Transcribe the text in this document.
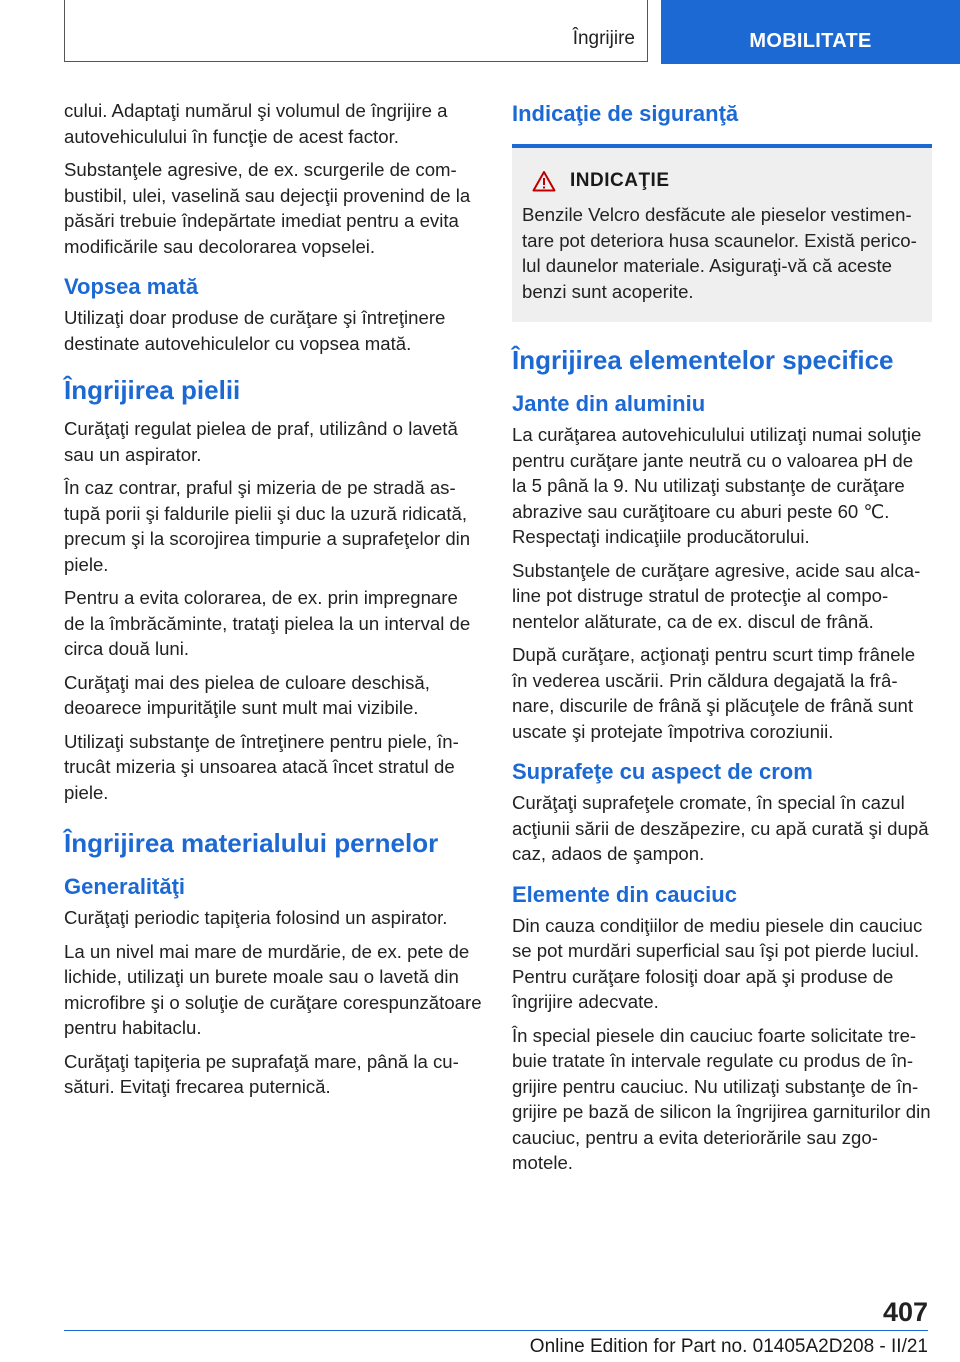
Îngrijire	MOBILITATE

cului. Adaptaţi numărul şi volumul de îngrijire a autovehiculului în funcţie de acest factor.

Substanţele agresive, de ex. scurgerile de combustibil, ulei, vaselină sau dejecţii provenind de la păsări trebuie îndepărtate imediat pentru a evita modificările sau decolorarea vopselei.

Vopsea mată

Utilizaţi doar produse de curăţare şi întreţinere destinate autovehiculelor cu vopsea mată.

Îngrijirea pielii

Curăţaţi regulat pielea de praf, utilizând o lavetă sau un aspirator.

În caz contrar, praful şi mizeria de pe stradă astupă porii şi faldurile pielii şi duc la uzură ridicată, precum şi la scorojirea timpurie a suprafeţelor din piele.

Pentru a evita colorarea, de ex. prin impregnare de la îmbrăcăminte, trataţi pielea la un interval de circa două luni.

Curăţaţi mai des pielea de culoare deschisă, deoarece impurităţile sunt mult mai vizibile.

Utilizaţi substanţe de întreţinere pentru piele, întrucât mizeria şi unsoarea atacă încet stratul de piele.

Îngrijirea materialului pernelor
Generalităţi

Curăţaţi periodic tapiţeria folosind un aspirator.

La un nivel mai mare de murdărie, de ex. pete de lichide, utilizaţi un burete moale sau o lavetă din microfibre şi o soluţie de curăţare corespunzătoare pentru habitaclu.

Curăţaţi tapiţeria pe suprafaţă mare, până la cusături. Evitaţi frecarea puternică.

Indicaţie de siguranţă
INDICAŢIE

Benzile Velcro desfăcute ale pieselor vestimentare pot deteriora husa scaunelor. Există pericolul daunelor materiale. Asiguraţi-vă că aceste benzi sunt acoperite.

Îngrijirea elementelor specifice
Jante din aluminiu

La curăţarea autovehiculului utilizaţi numai soluţie pentru curăţare jante neutră cu o valoarea pH de la 5 până la 9. Nu utilizaţi substanţe de curăţare abrazive sau curăţitoare cu aburi peste 60 ℃. Respectaţi indicaţiile producătorului.

Substanţele de curăţare agresive, acide sau alcaline pot distruge stratul de protecţie al componentelor alăturate, ca de ex. discul de frână.

După curăţare, acţionaţi pentru scurt timp frânele în vederea uscării. Prin căldura degajată la frânare, discurile de frână şi plăcuţele de frână sunt uscate şi protejate împotriva coroziunii.

Suprafeţe cu aspect de crom

Curăţaţi suprafeţele cromate, în special în cazul acţiunii sării de deszăpezire, cu apă curată şi după caz, adaos de şampon.

Elemente din cauciuc

Din cauza condiţiilor de mediu piesele din cauciuc se pot murdări superficial sau îşi pot pierde luciul. Pentru curăţare folosiţi doar apă şi produse de îngrijire adecvate.

În special piesele din cauciuc foarte solicitate trebuie tratate în intervale regulate cu produs de îngrijire pentru cauciuc. Nu utilizaţi substanţe de îngrijire pe bază de silicon la îngrijirea garniturilor din cauciuc, pentru a evita deteriorările sau zgomotele.

407
Online Edition for Part no. 01405A2D208 - II/21
